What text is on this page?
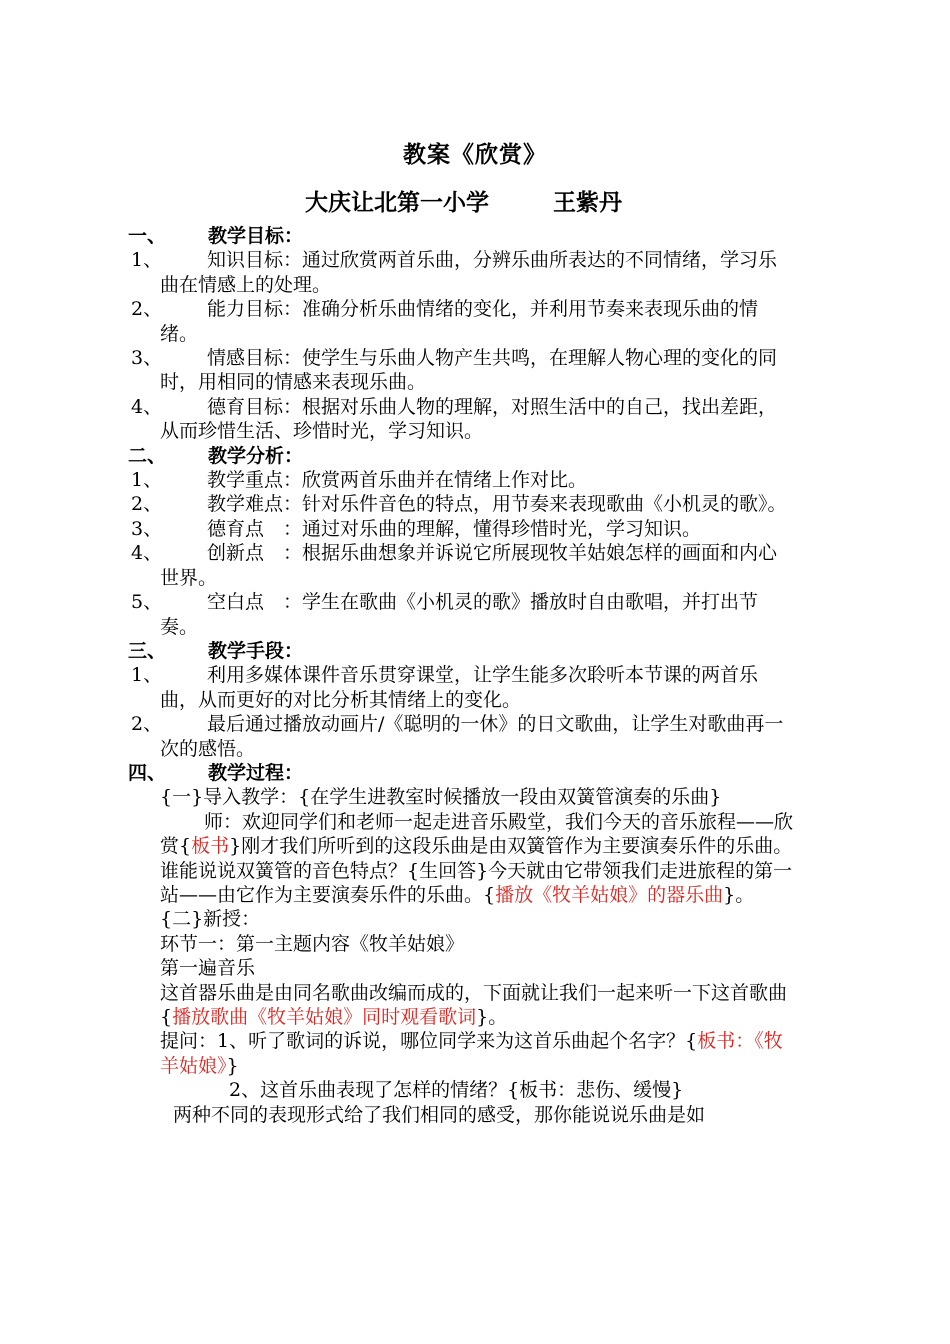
教案《欣赏》
大庆让北第一小学        王紫丹
一、 教学目标：
1、 知识目标：通过欣赏两首乐曲，分辨乐曲所表达的不同情绪，学习乐曲在情感上的处理。
2、 能力目标：准确分析乐曲情绪的变化，并利用节奏来表现乐曲的情绪。
3、 情感目标：使学生与乐曲人物产生共鸣，在理解人物心理的变化的同时，用相同的情感来表现乐曲。
4、 德育目标：根据对乐曲人物的理解，对照生活中的自己，找出差距，从而珍惜生活、珍惜时光，学习知识。
二、 教学分析：
1、 教学重点：欣赏两首乐曲并在情绪上作对比。
2、 教学难点：针对乐件音色的特点，用节奏来表现歌曲《小机灵的歌》。
3、 德育点　：通过对乐曲的理解，懂得珍惜时光，学习知识。
4、 创新点　：根据乐曲想象并诉说它所展现牧羊姑娘怎样的画面和内心世界。
5、 空白点　：学生在歌曲《小机灵的歌》播放时自由歌唱，并打出节奏。
三、 教学手段：
1、 利用多媒体课件音乐贯穿课堂，让学生能多次聆听本节课的两首乐曲，从而更好的对比分析其情绪上的变化。
2、 最后通过播放动画片/《聪明的一休》的日文歌曲，让学生对歌曲再一次的感悟。
四、 教学过程：
{一}导入教学：{在学生进教室时候播放一段由双簧管演奏的乐曲}
师：欢迎同学们和老师一起走进音乐殿堂，我们今天的音乐旅程——欣赏{板书}刚才我们所听到的这段乐曲是由双簧管作为主要演奏乐件的乐曲。谁能说说双簧管的音色特点？{生回答}今天就由它带领我们走进旅程的第一站——由它作为主要演奏乐件的乐曲。{播放《牧羊姑娘》的器乐曲}。
{二}新授：
环节一：第一主题内容《牧羊姑娘》
第一遍音乐
这首器乐曲是由同名歌曲改编而成的，下面就让我们一起来听一下这首歌曲{播放歌曲《牧羊姑娘》同时观看歌词}。
提问：1、听了歌词的诉说，哪位同学来为这首乐曲起个名字？{板书：《牧羊姑娘》}
2、这首乐曲表现了怎样的情绪？{板书：悲伤、缓慢}
两种不同的表现形式给了我们相同的感受，那你能说说乐曲是如
